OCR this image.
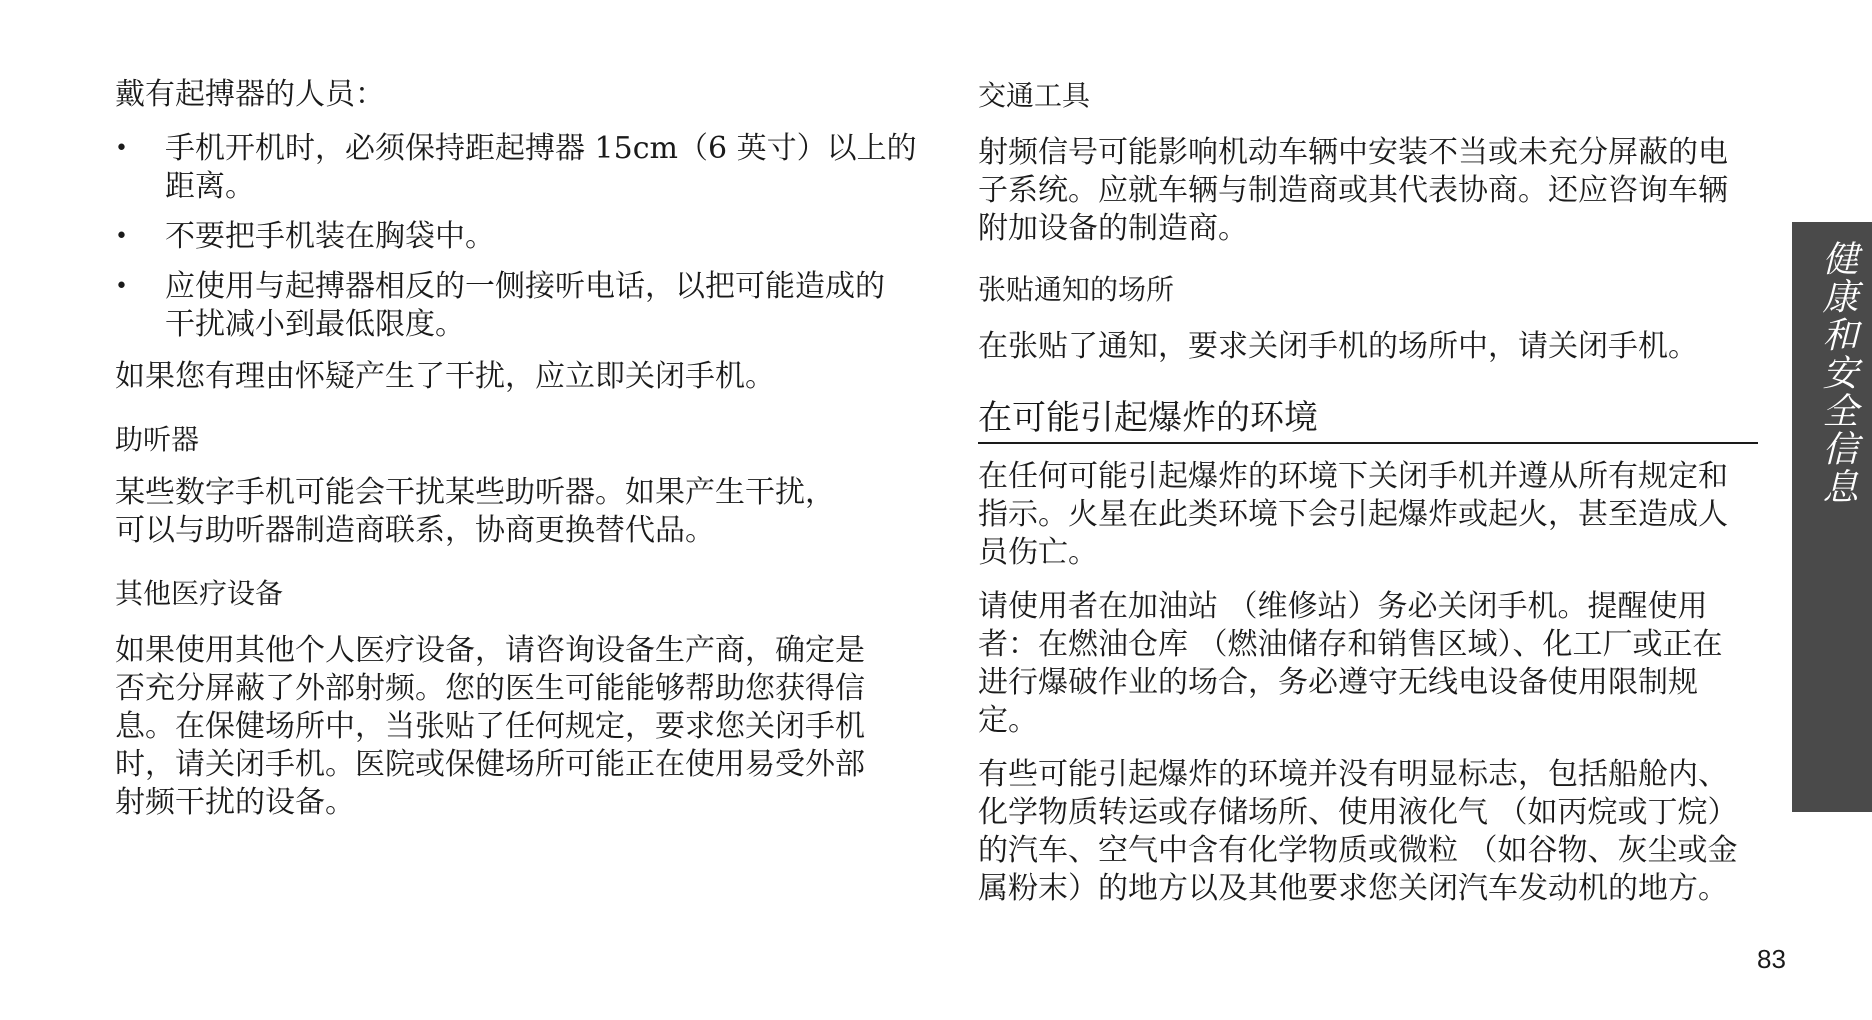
戴有起搏器的人员：

• 手机开机时，必须保持距起搏器 15cm（6 英寸）以上的

距离。

• 不要把手机装在胸袋中。

• 应使用与起搏器相反的一侧接听电话，以把可能造成的

干扰减小到最低限度。

如果您有理由怀疑产生了干扰，应立即关闭手机。

助听器

某些数字手机可能会干扰某些助听器。如果产生干扰，

可以与助听器制造商联系，协商更换替代品。

其他医疗设备

如果使用其他个人医疗设备，请咨询设备生产商，确定是

否充分屏蔽了外部射频。您的医生可能能够帮助您获得信

息。在保健场所中，当张贴了任何规定，要求您关闭手机

时，请关闭手机。医院或保健场所可能正在使用易受外部

射频干扰的设备。

交通工具

射频信号可能影响机动车辆中安装不当或未充分屏蔽的电

子系统。应就车辆与制造商或其代表协商。还应咨询车辆

附加设备的制造商。

张贴通知的场所

在张贴了通知，要求关闭手机的场所中，请关闭手机。

在可能引起爆炸的环境

在任何可能引起爆炸的环境下关闭手机并遵从所有规定和

指示。火星在此类环境下会引起爆炸或起火，甚至造成人

员伤亡。

请使用者在加油站 （维修站）务必关闭手机。提醒使用

者：在燃油仓库 （燃油储存和销售区域）、化工厂或正在

进行爆破作业的场合，务必遵守无线电设备使用限制规

定。

有些可能引起爆炸的环境并没有明显标志，包括船舱内、

化学物质转运或存储场所、使用液化气 （如丙烷或丁烷）

的汽车、空气中含有化学物质或微粒 （如谷物、灰尘或金

属粉末）的地方以及其他要求您关闭汽车发动机的地方。

健康和安全信息
83
